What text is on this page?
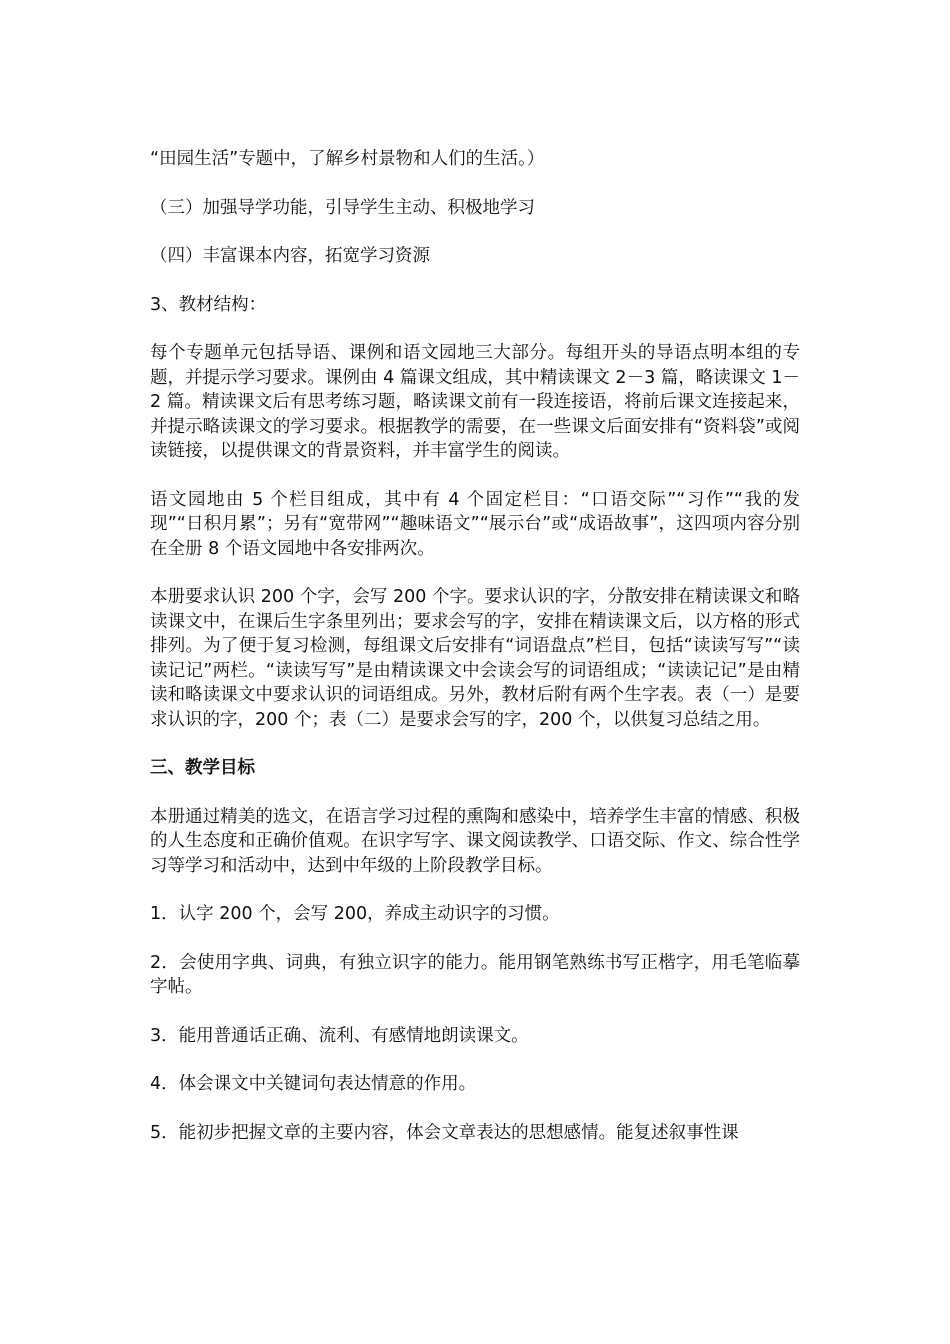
“田园生活”专题中，了解乡村景物和人们的生活。）

（三）加强导学功能，引导学生主动、积极地学习

（四）丰富课本内容，拓宽学习资源

3、教材结构：

每个专题单元包括导语、课例和语文园地三大部分。每组开头的导语点明本组的专题，并提示学习要求。课例由 4 篇课文组成，其中精读课文 2－3 篇，略读课文 1－2 篇。精读课文后有思考练习题，略读课文前有一段连接语，将前后课文连接起来，并提示略读课文的学习要求。根据教学的需要，在一些课文后面安排有“资料袋”或阅读链接，以提供课文的背景资料，并丰富学生的阅读。

语文园地由 5 个栏目组成，其中有 4 个固定栏目：“口语交际”“习作”“我的发现”“日积月累”；另有“宽带网”“趣味语文”“展示台”或“成语故事”，这四项内容分别在全册 8 个语文园地中各安排两次。

本册要求认识 200 个字，会写 200 个字。要求认识的字，分散安排在精读课文和略读课文中，在课后生字条里列出；要求会写的字，安排在精读课文后，以方格的形式排列。为了便于复习检测，每组课文后安排有“词语盘点”栏目，包括“读读写写”“读读记记”两栏。“读读写写”是由精读课文中会读会写的词语组成；“读读记记”是由精读和略读课文中要求认识的词语组成。另外，教材后附有两个生字表。表（一）是要求认识的字，200 个；表（二）是要求会写的字，200 个，以供复习总结之用。

三、教学目标

本册通过精美的选文，在语言学习过程的熏陶和感染中，培养学生丰富的情感、积极的人生态度和正确价值观。在识字写字、课文阅读教学、口语交际、作文、综合性学习等学习和活动中，达到中年级的上阶段教学目标。

1．认字 200 个，会写 200，养成主动识字的习惯。

2．会使用字典、词典，有独立识字的能力。能用钢笔熟练书写正楷字，用毛笔临摹字帖。

3．能用普通话正确、流利、有感情地朗读课文。

4．体会课文中关键词句表达情意的作用。

5．能初步把握文章的主要内容，体会文章表达的思想感情。能复述叙事性课
